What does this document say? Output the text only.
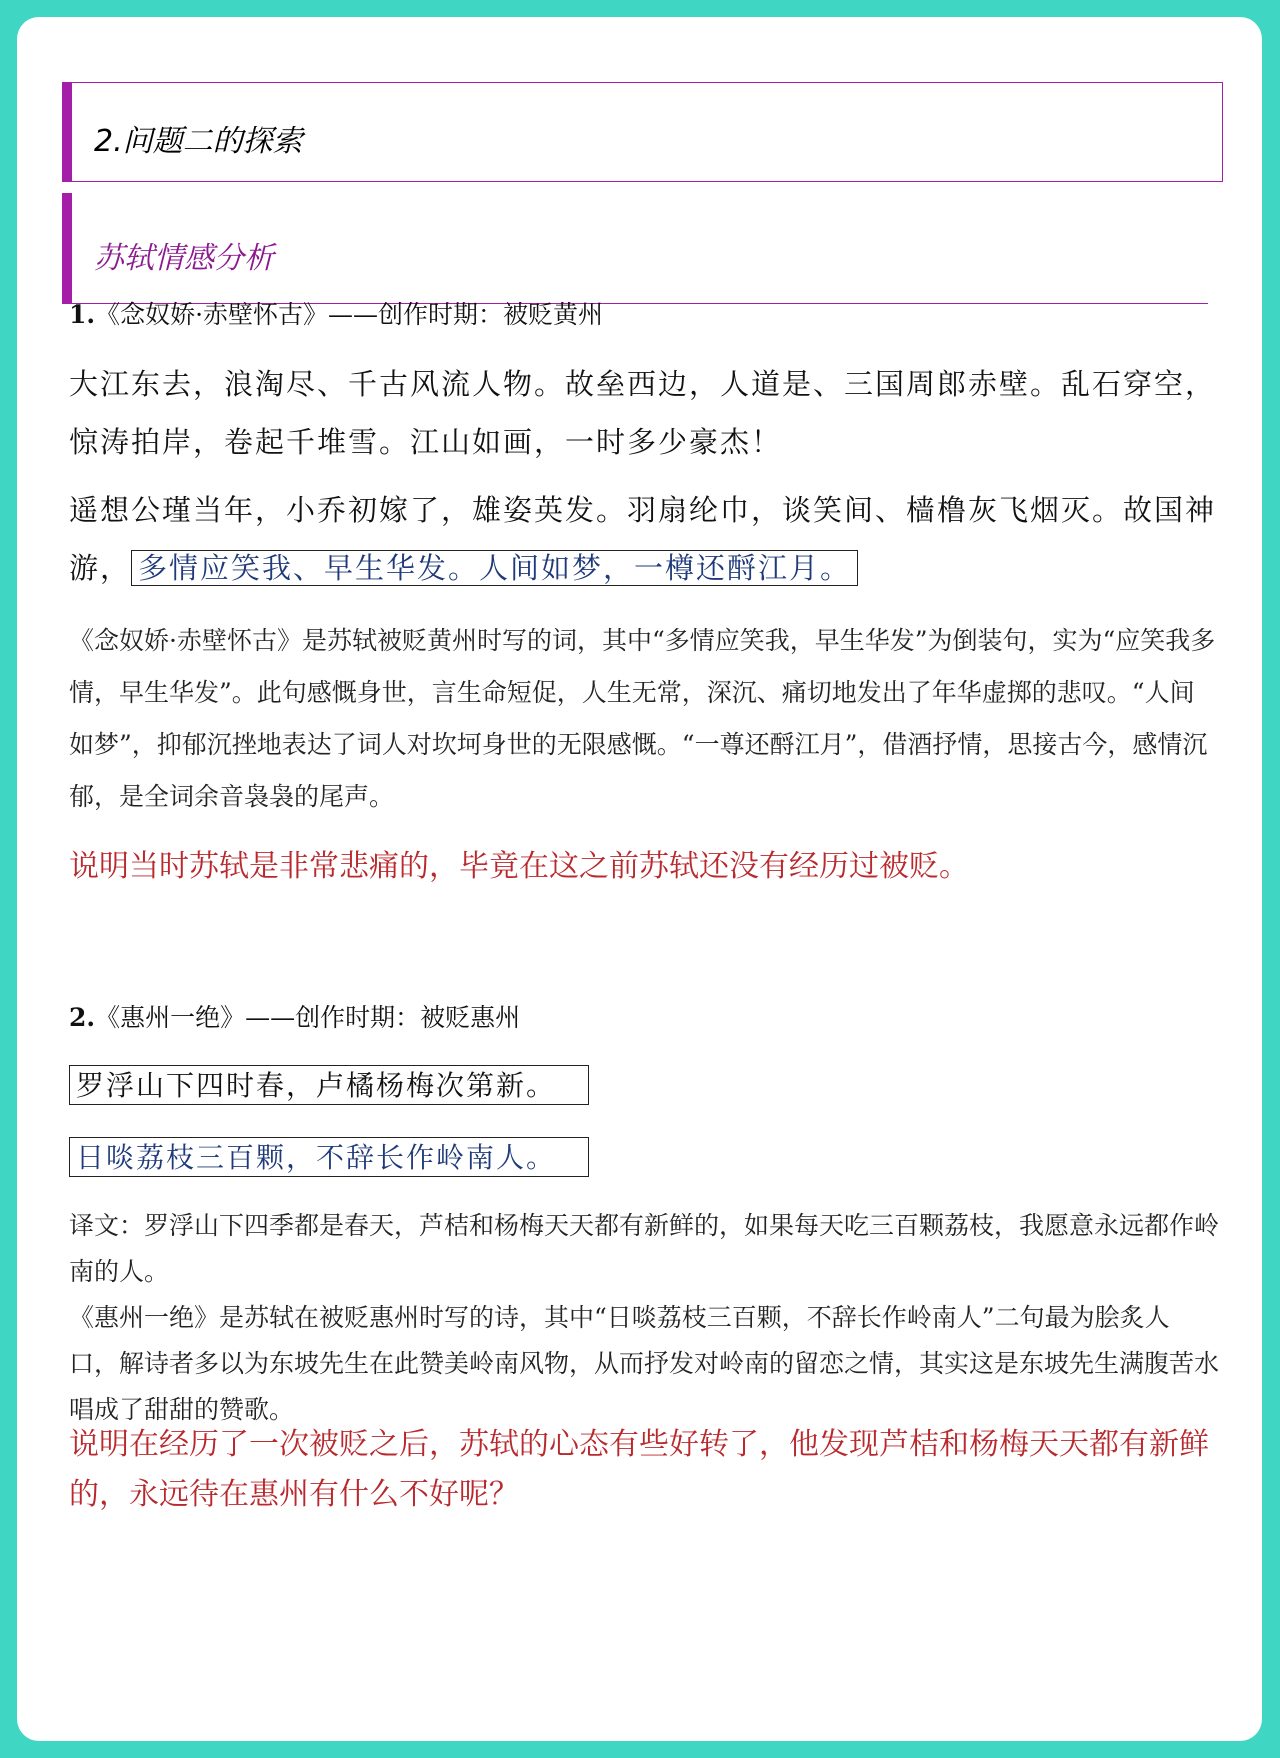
2.问题二的探索
苏轼情感分析
1.《念奴娇·赤壁怀古》——创作时期：被贬黄州
大江东去，浪淘尽、千古风流人物。故垒西边，人道是、三国周郎赤壁。乱石穿空，惊涛拍岸，卷起千堆雪。江山如画，一时多少豪杰！
遥想公瑾当年，小乔初嫁了，雄姿英发。羽扇纶巾，谈笑间、樯橹灰飞烟灭。故国神游， 多情应笑我、早生华发。人间如梦，一樽还酹江月。
《念奴娇·赤壁怀古》是苏轼被贬黄州时写的词，其中“多情应笑我，早生华发”为倒装句，实为“应笑我多情，早生华发”。此句感慨身世，言生命短促，人生无常，深沉、痛切地发出了年华虚掷的悲叹。“人间如梦”，抑郁沉挫地表达了词人对坎坷身世的无限感慨。“一尊还酹江月”，借酒抒情，思接古今，感情沉郁，是全词余音袅袅的尾声。
说明当时苏轼是非常悲痛的，毕竟在这之前苏轼还没有经历过被贬。
2.《惠州一绝》——创作时期：被贬惠州
罗浮山下四时春，卢橘杨梅次第新。
日啖荔枝三百颗，不辞长作岭南人。
译文：罗浮山下四季都是春天，芦桔和杨梅天天都有新鲜的，如果每天吃三百颗荔枝，我愿意永远都作岭南的人。
《惠州一绝》是苏轼在被贬惠州时写的诗，其中“日啖荔枝三百颗，不辞长作岭南人”二句最为脍炙人口，解诗者多以为东坡先生在此赞美岭南风物，从而抒发对岭南的留恋之情，其实这是东坡先生满腹苦水唱成了甜甜的赞歌。
说明在经历了一次被贬之后，苏轼的心态有些好转了，他发现芦桔和杨梅天天都有新鲜的，永远待在惠州有什么不好呢？
